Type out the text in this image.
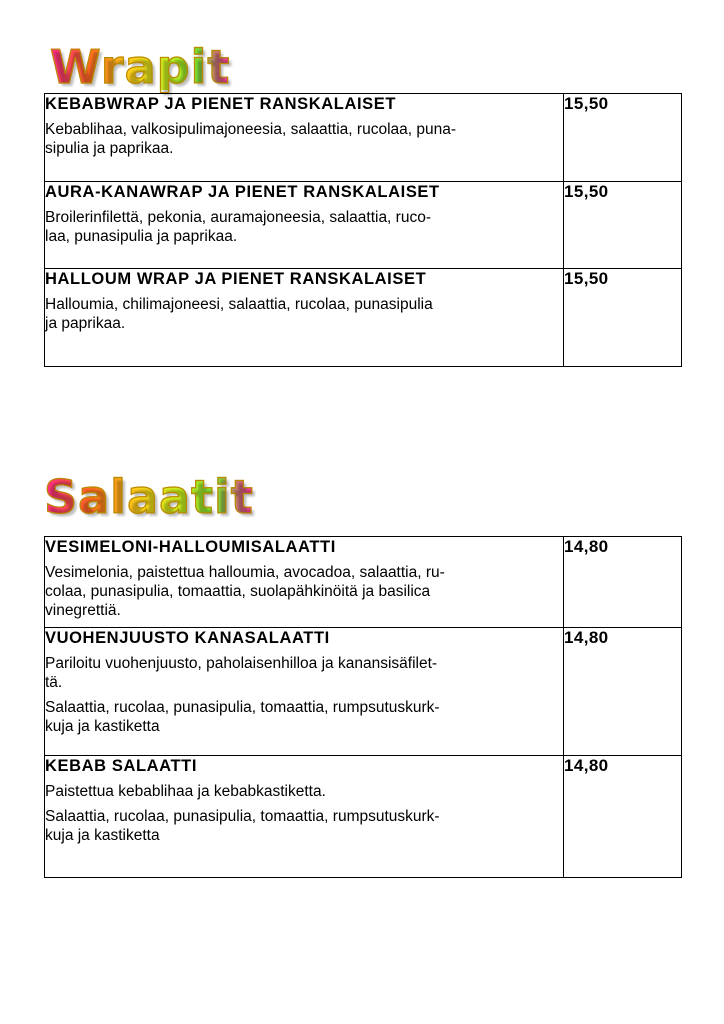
Wrapit
KEBABWRAP JA PIENET RANSKALAISET
Kebablihaa, valkosipulimajoneesia, salaattia, rucolaa, puna-
sipulia ja paprikaa.	15,50

AURA-KANAWRAP JA PIENET RANSKALAISET
Broilerinfilettä, pekonia, auramajoneesia, salaattia, ruco-
laa, punasipulia ja paprikaa.	15,50

HALLOUM WRAP JA PIENET RANSKALAISET
Halloumia, chilimajoneesi, salaattia, rucolaa, punasipulia
ja paprikaa.	15,50
Salaatit
VESIMELONI-HALLOUMISALAATTI
Vesimelonia, paistettua halloumia, avocadoa, salaattia, ru-
colaa, punasipulia, tomaattia, suolapähkinöitä ja basilica
vinegrettiä.	14,80

VUOHENJUUSTO KANASALAATTI
Pariloitu vuohenjuusto, paholaisenhilloa ja kanansisäfilet-
tä.
Salaattia, rucolaa, punasipulia, tomaattia, rumpsutuskurk-
kuja ja kastiketta	14,80

KEBAB SALAATTI
Paistettua kebablihaa ja kebabkastiketta.
Salaattia, rucolaa, punasipulia, tomaattia, rumpsutuskurk-
kuja ja kastiketta	14,80
